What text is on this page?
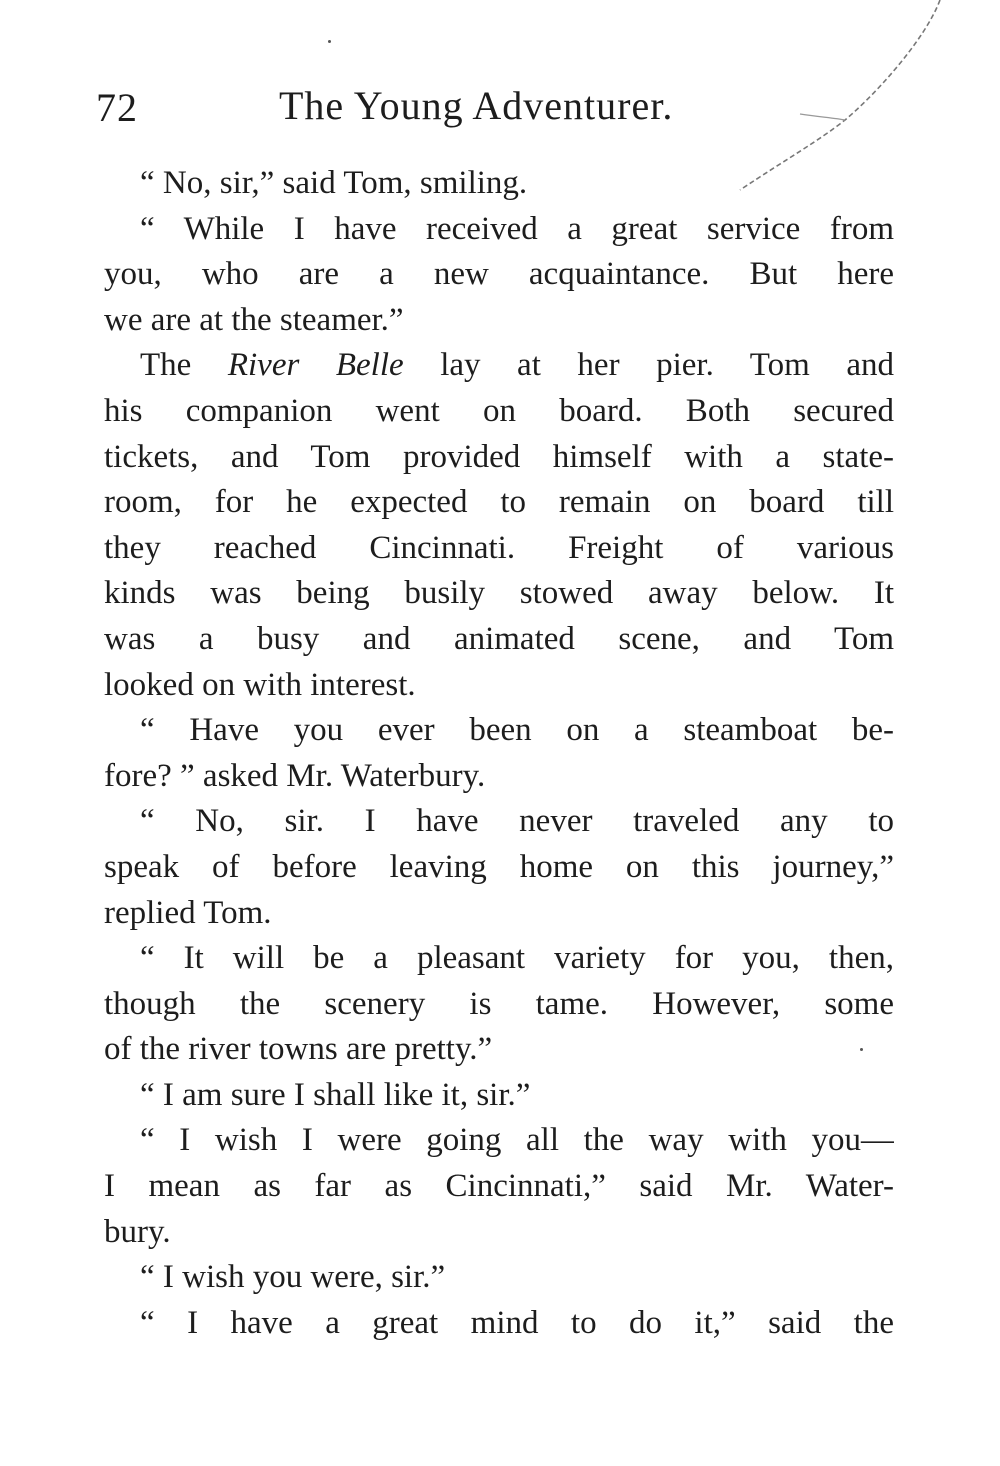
72	The Young Adventurer.

“ No, sir,” said Tom, smiling.

“ While I have received a great service from
you, who are a new acquaintance. But here
we are at the steamer.”

The River Belle lay at her pier. Tom and
his companion went on board. Both secured
tickets, and Tom provided himself with a state-
room, for he expected to remain on board till
they reached Cincinnati. Freight of various
kinds was being busily stowed away below. It
was a busy and animated scene, and Tom
looked on with interest.

“ Have you ever been on a steamboat be-
fore? ” asked Mr. Waterbury.

“ No, sir. I have never traveled any to
speak of before leaving home on this journey,”
replied Tom.

“ It will be a pleasant variety for you, then,
though the scenery is tame. However, some
of the river towns are pretty.”

“ I am sure I shall like it, sir.”

“ I wish I were going all the way with you—
I mean as far as Cincinnati,” said Mr. Water-
bury.

“ I wish you were, sir.”

“ I have a great mind to do it,” said the
